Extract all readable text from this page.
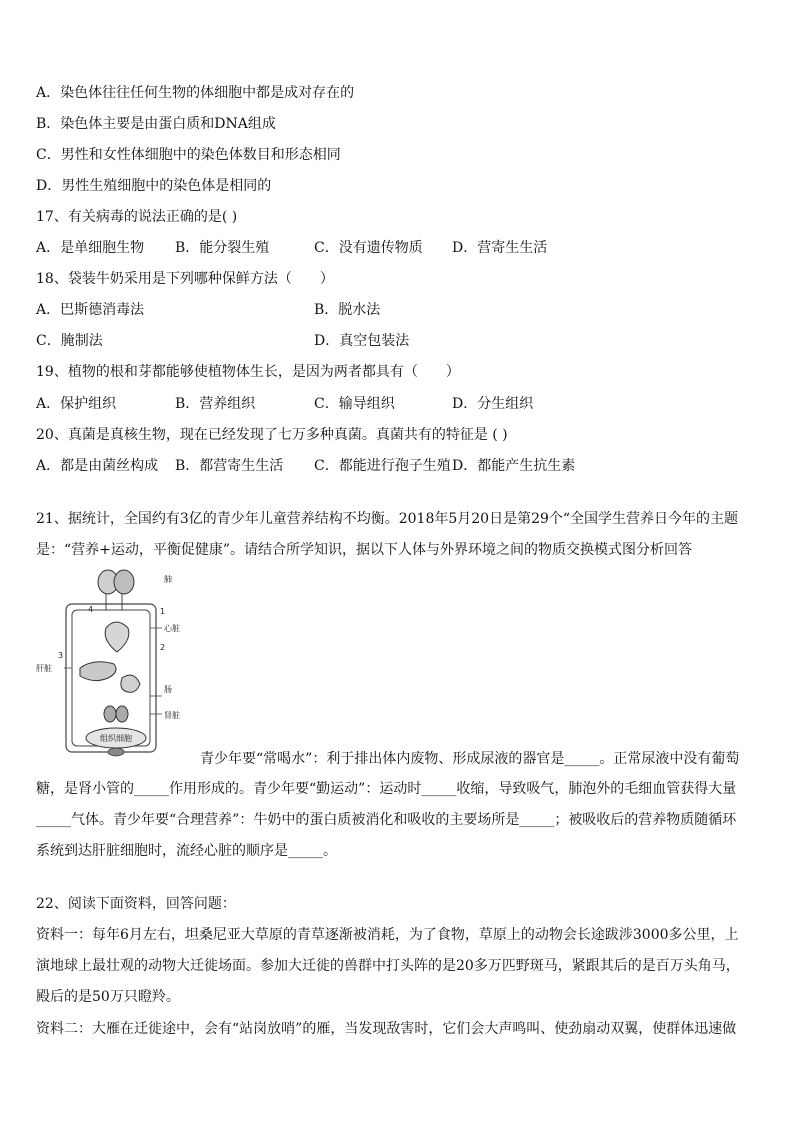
A．染色体往往任何生物的体细胞中都是成对存在的
B．染色体主要是由蛋白质和DNA组成
C．男性和女性体细胞中的染色体数目和形态相同
D．男性生殖细胞中的染色体是相同的
17、有关病毒的说法正确的是( )
A．是单细胞生物 B．能分裂生殖	C．没有遗传物质 D．营寄生生活
18、袋装牛奶采用是下列哪种保鲜方法（　　）
A．巴斯德消毒法	B．脱水法
C．腌制法	D．真空包装法
19、植物的根和芽都能够使植物体生长，是因为两者都具有（　　）
A．保护组织	B．营养组织	C．输导组织	D．分生组织
20、真菌是真核生物，现在已经发现了七万多种真菌。真菌共有的特征是 ( )
A．都是由菌丝构成 B．都营寄生生活 C．都能进行孢子生殖 D．都能产生抗生素
21、据统计，全国约有3亿的青少年儿童营养结构不均衡。2018年5月20日是第29个“全国学生营养日今年的主题
是：“营养+运动，平衡促健康”。请结合所学知识，据以下人体与外界环境之间的物质交换模式图分析回答
肺
心脏
肝脏
肠
肾脏
组织细胞
1
2
3
4
青少年要“常喝水”：利于排出体内废物、形成尿液的器官是_____。正常尿液中没有葡萄
糖，是肾小管的_____作用形成的。青少年要“勤运动”：运动时_____收缩，导致吸气，肺泡外的毛细血管获得大量
_____气体。青少年要“合理营养”：牛奶中的蛋白质被消化和吸收的主要场所是_____；被吸收后的营养物质随循环
系统到达肝脏细胞时，流经心脏的顺序是_____。
22、阅读下面资料，回答问题：
资料一：每年6月左右，坦桑尼亚大草原的青草逐渐被消耗，为了食物，草原上的动物会长途跋涉3000多公里，上
演地球上最壮观的动物大迁徙场面。参加大迁徙的兽群中打头阵的是20多万匹野斑马，紧跟其后的是百万头角马，
殿后的是50万只瞪羚。
资料二：大雁在迁徙途中，会有“站岗放哨”的雁，当发现敌害时，它们会大声鸣叫、使劲扇动双翼，使群体迅速做
